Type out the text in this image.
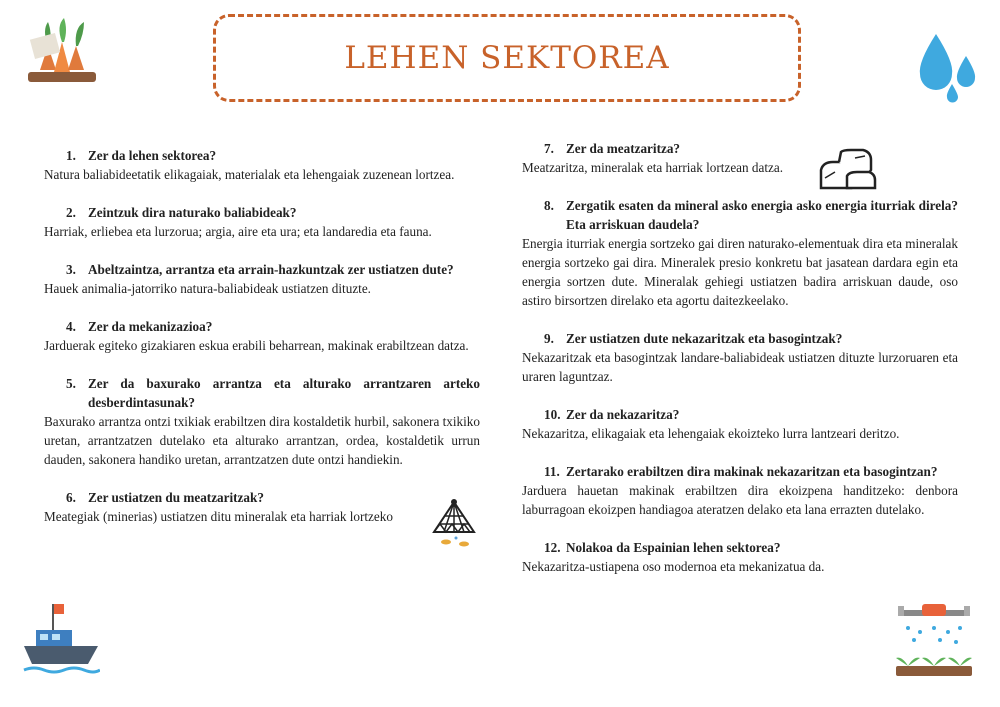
LEHEN SEKTOREA

1. Zer da lehen sektorea?

Natura baliabideetatik elikagaiak, materialak eta lehengaiak zuzenean lortzea.

2. Zeintzuk dira naturako baliabideak?

Harriak, erliebea eta lurzorua; argia, aire eta ura; eta landaredia eta fauna.

3. Abeltzaintza, arrantza eta arrain-hazkuntzak zer ustiatzen dute?

Hauek animalia-jatorriko natura-baliabideak ustiatzen dituzte.

4. Zer da mekanizazioa?

Jarduerak egiteko gizakiaren eskua erabili beharrean, makinak erabiltzean datza.

5. Zer da baxurako arrantza eta alturako arrantzaren arteko desberdintasunak?

Baxurako arrantza ontzi txikiak erabiltzen dira kostaldetik hurbil, sakonera txikiko uretan, arrantzatzen dutelako eta alturako arrantzan, ordea, kostaldetik urrun dauden, sakonera handiko uretan, arrantzatzen dute ontzi handiekin.

6. Zer ustiatzen du meatzaritzak?

Meategiak (minerias) ustiatzen ditu mineralak eta harriak lortzeko

7. Zer da meatzaritza?

Meatzaritza, mineralak eta harriak lortzean datza.

8. Zergatik esaten da mineral asko energia asko energia iturriak direla? Eta arriskuan daudela?

Energia iturriak energia sortzeko gai diren naturako-elementuak dira eta mineralak energia sortzeko gai dira. Mineralek presio konkretu bat jasatean dardara egin eta energia sortzen dute. Mineralak gehiegi ustiatzen badira arriskuan daude, oso astiro birsortzen direlako eta agortu daitezkeelako.

9. Zer ustiatzen dute nekazaritzak eta basogintzak?

Nekazaritzak eta basogintzak landare-baliabideak ustiatzen dituzte lurzoruaren eta uraren laguntzaz.

10. Zer da nekazaritza?

Nekazaritza, elikagaiak eta lehengaiak ekoizteko lurra lantzeari deritzo.

11. Zertarako erabiltzen dira makinak nekazaritzan eta basogintzan?

Jarduera hauetan makinak erabiltzen dira ekoizpena handitzeko: denbora laburragoan ekoizpen handiagoa ateratzen delako eta lana errazten dutelako.

12. Nolakoa da Espainian lehen sektorea?

Nekazaritza-ustiapena oso modernoa eta mekanizatua da.
